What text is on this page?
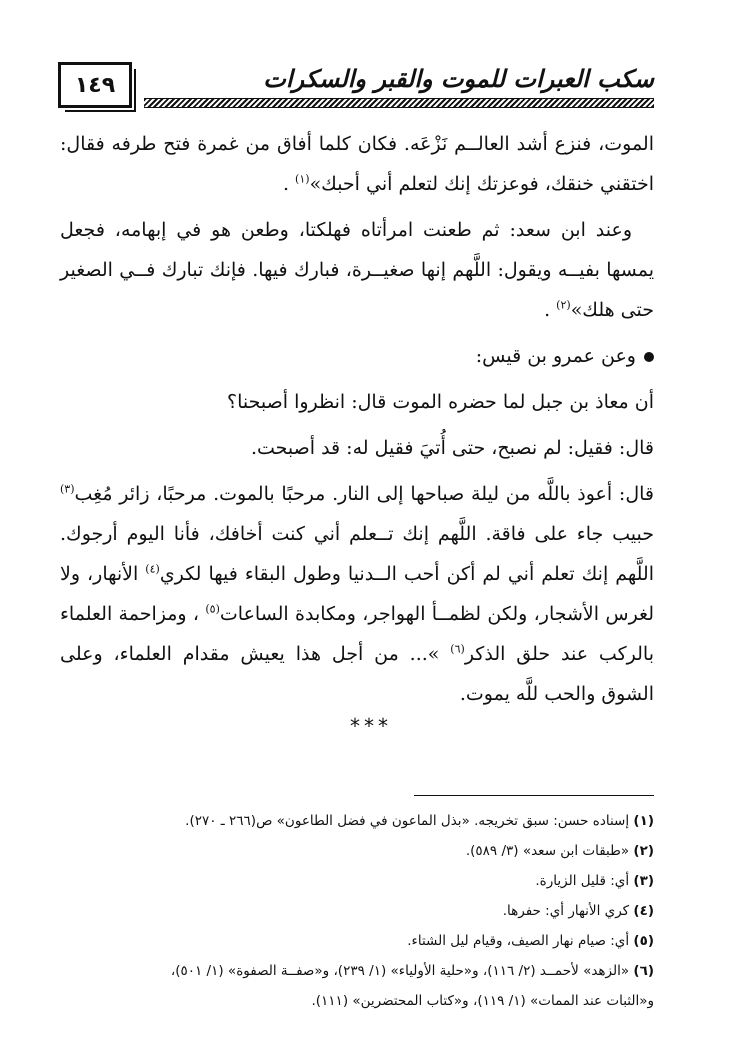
١٤٩	سكب العبرات للموت والقبر والسكرات

الموت، فنزع أشد العالــم نَزْعَه. فكان كلما أفاق من غمرة فتح طرفه فقال: اختقني خنقك، فوعزتك إنك لتعلم أني أحبك»$^{(١)}$ .

وعند ابن سعد: ثم طعنت امرأتاه فهلكتا، وطعن هو في إبهامه، فجعل يمسها بفيــه ويقول: اللَّهم إنها صغيــرة، فبارك فيها. فإنك تبارك فــي الصغير حتى هلك»$^{(٢)}$ .

وعن عمرو بن قيس:

أن معاذ بن جبل لما حضره الموت قال: انظروا أصبحنا؟

قال: فقيل: لم نصبح، حتى أُتيَ فقيل له: قد أصبحت.

قال: أعوذ باللَّه من ليلة صباحها إلى النار. مرحبًا بالموت. مرحبًا، زائر مُغِب$^{(٣)}$ حبيب جاء على فاقة. اللَّهم إنك تــعلم أني كنت أخافك، فأنا اليوم أرجوك. اللَّهم إنك تعلم أني لم أكن أحب الــدنيا وطول البقاء فيها لكري$^{(٤)}$ الأنهار، ولا لغرس الأشجار، ولكن لظمــأ الهواجر، ومكابدة الساعات$^{(٥)}$ ، ومزاحمة العلماء بالركب عند حلق الذكر$^{(٦)}$ »... من أجل هذا يعيش مقدام العلماء، وعلى الشوق والحب للَّه يموت.

***
(١) إسناده حسن: سبق تخريجه. «بذل الماعون في فضل الطاعون» ص(٢٦٦ ـ ٢٧٠).
(٢) «طبقات ابن سعد» (٣/ ٥٨٩).
(٣) أي: قليل الزيارة.
(٤) كري الأنهار أي: حفرها.
(٥) أي: صيام نهار الصيف، وقيام ليل الشتاء.
(٦) «الزهد» لأحمــد (٢/ ١١٦)، و«حلية الأولياء» (١/ ٢٣٩)، و«صفــة الصفوة» (١/ ٥٠١)،
و«الثبات عند الممات» (١/ ١١٩)، و«كتاب المحتضرين» (١١١).
